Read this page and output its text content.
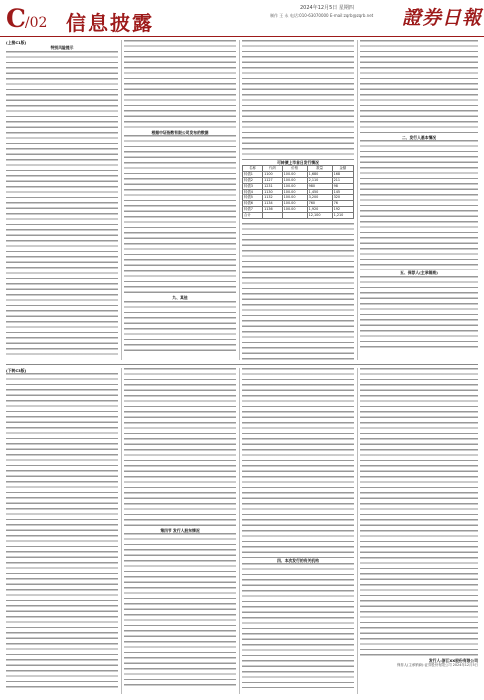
C/02 信息披露
2024年12月5日 星期四
制作 王 永 电话:010-63070000 E-mail:zqrb@zqrb.net	證券日報
(上接C1版)
特别风险提示
根据中证指数有限公司发布的数据
九、其他
可转债上市首日发行情况
名称	代码	价格	数量	金额
转债1	1100	100.00	1,680	168
转债2	1127	100.00	2,110	211
转债3	1231	100.00	980	98
转债4	1130	100.00	1,450	145
转债5	1132	100.00	3,200	320
转债6	1134	100.00	760	76
转债7	1136	100.00	1,920	192
合计			12,100	1,210
二、发行人基本情况
五、保荐人(主承销商)
(下转C3版)
第四节 发行人股东情况
四、本次发行的有关机构
发行人:浙江XX股份有限公司
保荐人(主承销商):证券股份有限公司 2024年12月5日
